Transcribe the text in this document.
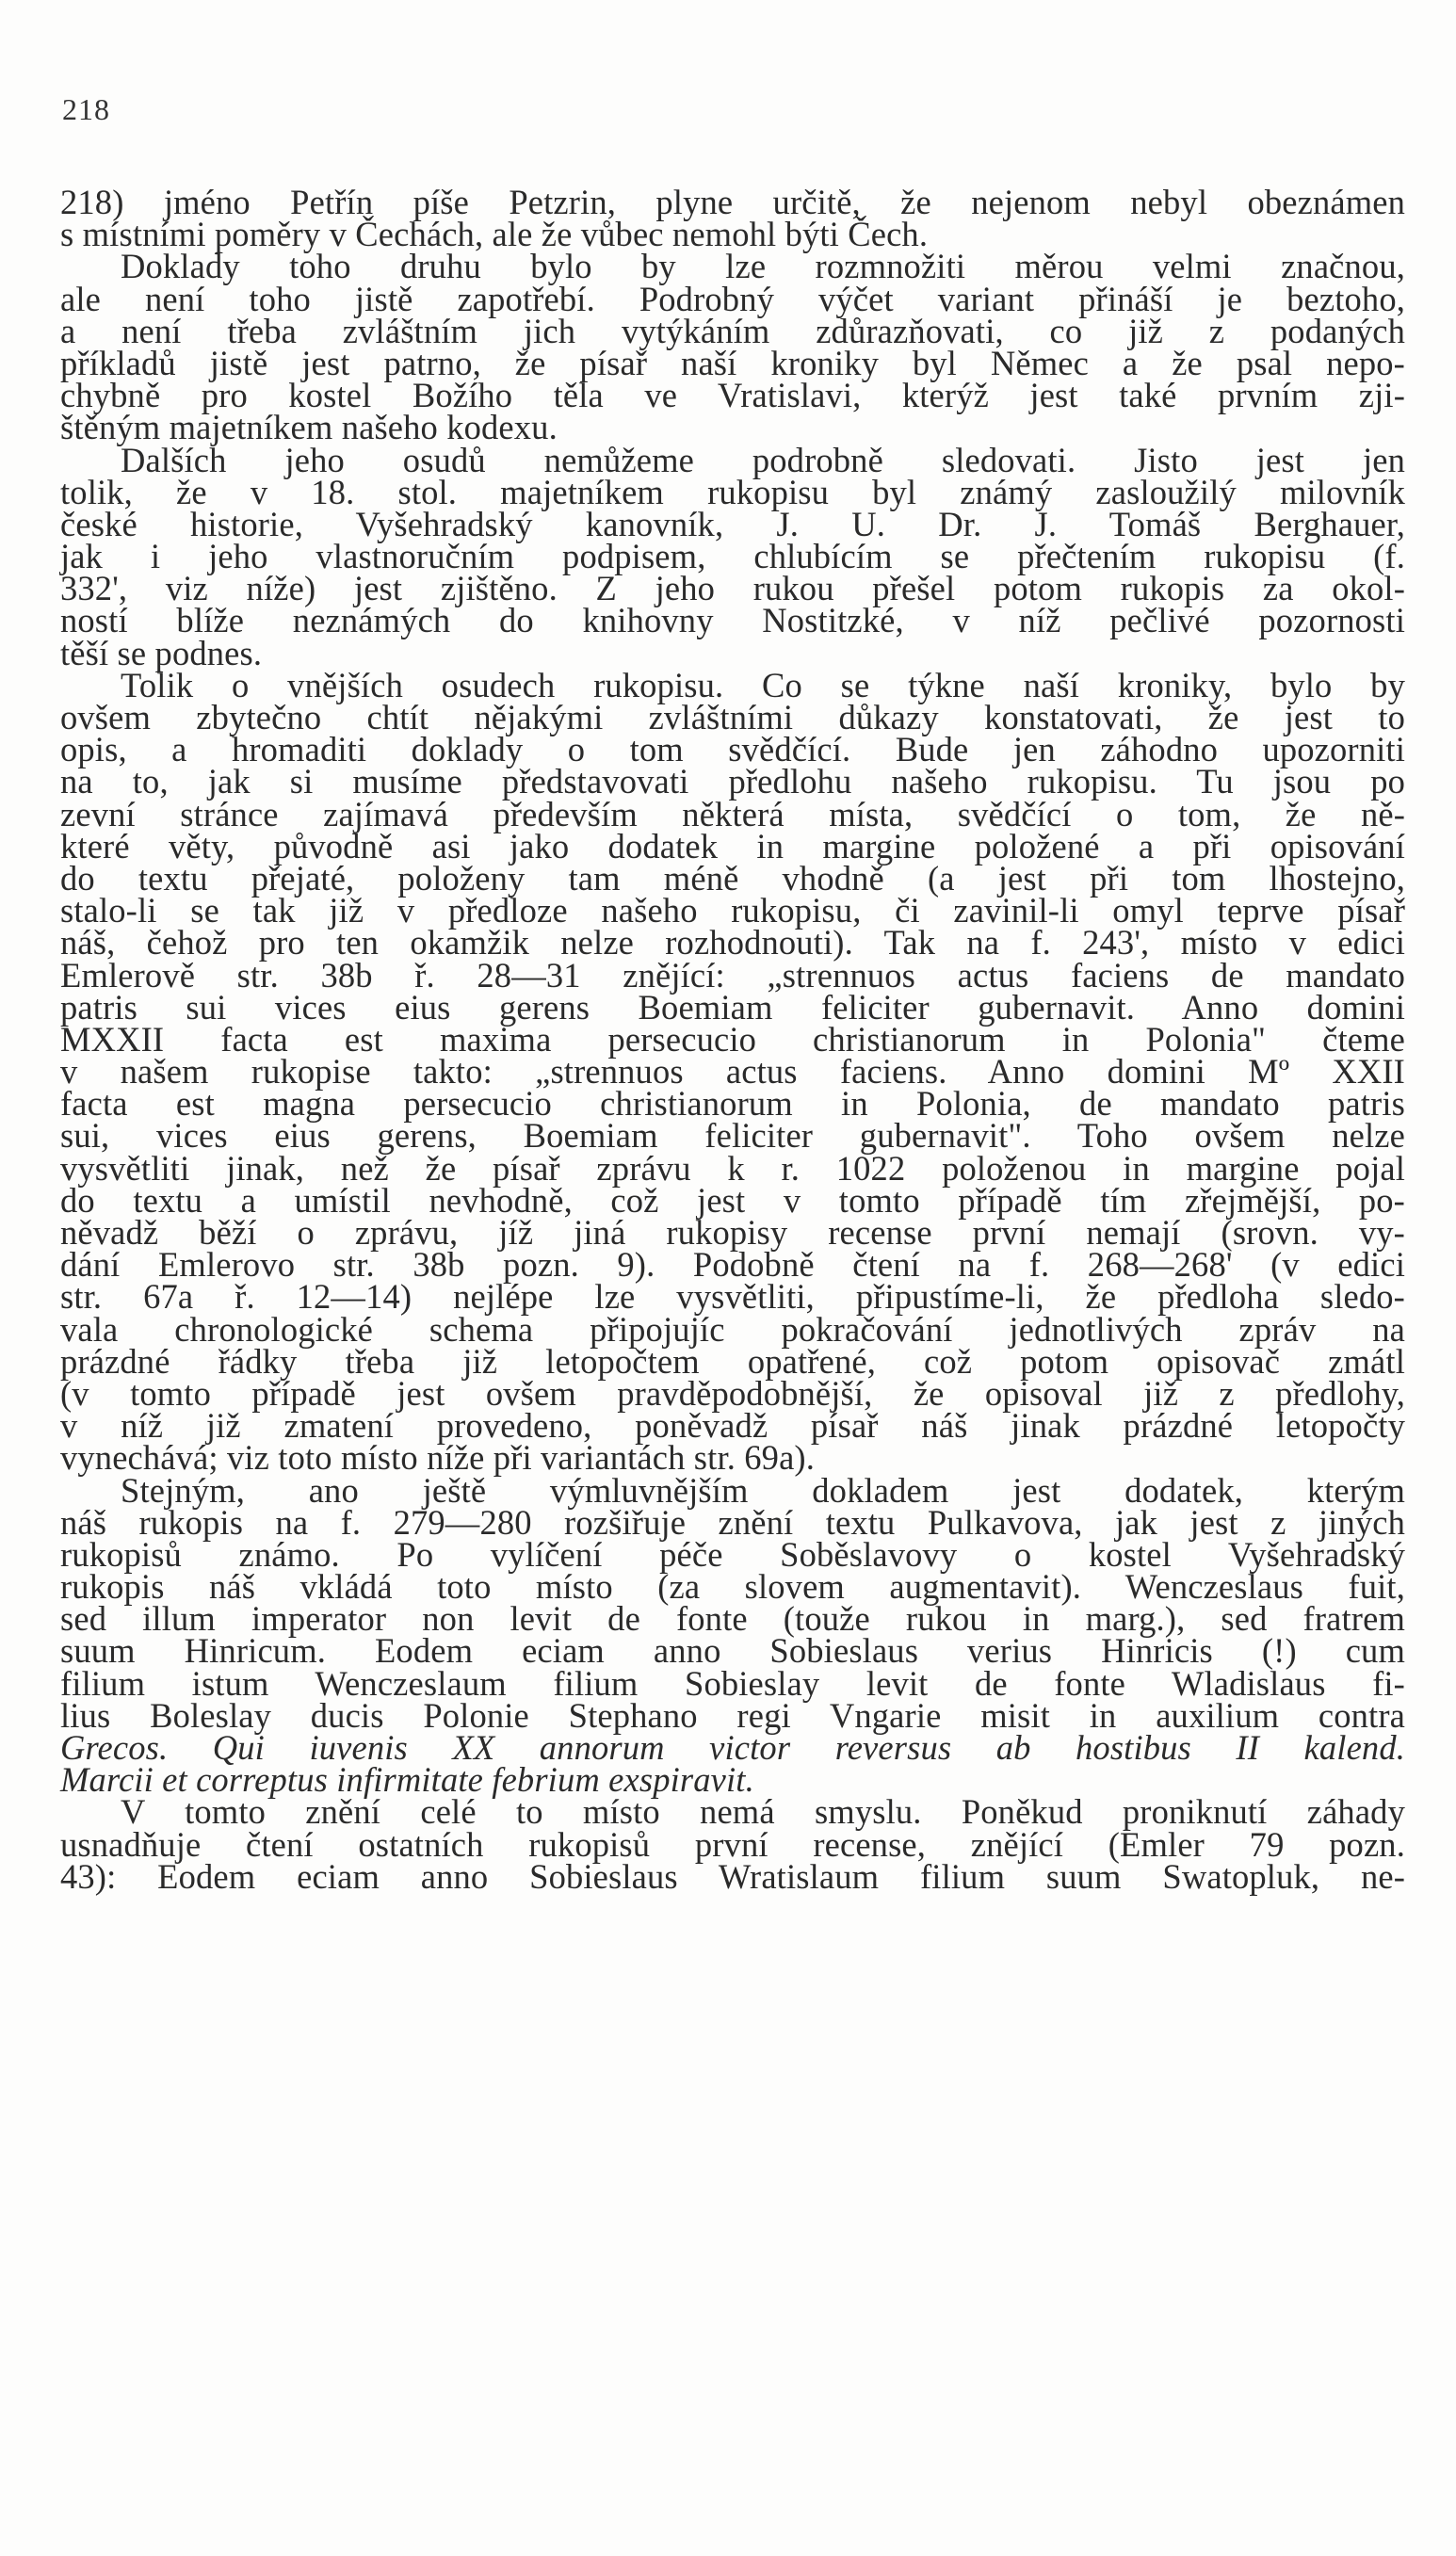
218
218) jméno Petřín píše Petzrin, plyne určitě, že nejenom nebyl obeznámen
s místními poměry v Čechách, ale že vůbec nemohl býti Čech.
Doklady toho druhu bylo by lze rozmnožiti měrou velmi značnou,
ale není toho jistě zapotřebí. Podrobný výčet variant přináší je beztoho,
a není třeba zvláštním jich vytýkáním zdůrazňovati, co již z podaných
příkladů jistě jest patrno, že písař naší kroniky byl Němec a že psal nepo-
chybně pro kostel Božího těla ve Vratislavi, kterýž jest také prvním zji-
štěným majetníkem našeho kodexu.
Dalších jeho osudů nemůžeme podrobně sledovati. Jisto jest jen
tolik, že v 18. stol. majetníkem rukopisu byl známý zasloužilý milovník
české historie, Vyšehradský kanovník, J. U. Dr. J. Tomáš Berghauer,
jak i jeho vlastnoručním podpisem, chlubícím se přečtením rukopisu (f.
332', viz níže) jest zjištěno. Z jeho rukou přešel potom rukopis za okol-
ností blíže neznámých do knihovny Nostitzké, v níž pečlivé pozornosti
těší se podnes.
Tolik o vnějších osudech rukopisu. Co se týkne naší kroniky, bylo by
ovšem zbytečno chtít nějakými zvláštními důkazy konstatovati, že jest to
opis, a hromaditi doklady o tom svědčící. Bude jen záhodno upozorniti
na to, jak si musíme představovati předlohu našeho rukopisu. Tu jsou po
zevní stránce zajímavá především některá místa, svědčící o tom, že ně-
které věty, původně asi jako dodatek in margine položené a při opisování
do textu přejaté, položeny tam méně vhodně (a jest při tom lhostejno,
stalo-li se tak již v předloze našeho rukopisu, či zavinil-li omyl teprve písař
náš, čehož pro ten okamžik nelze rozhodnouti). Tak na f. 243', místo v edici
Emlerově str. 38b ř. 28—31 znějící: „strennuos actus faciens de mandato
patris sui vices eius gerens Boemiam feliciter gubernavit. Anno domini
MXXII facta est maxima persecucio christianorum in Polonia" čteme
v našem rukopise takto: „strennuos actus faciens. Anno domini Mº XXII
facta est magna persecucio christianorum in Polonia, de mandato patris
sui, vices eius gerens, Boemiam feliciter gubernavit". Toho ovšem nelze
vysvětliti jinak, než že písař zprávu k r. 1022 položenou in margine pojal
do textu a umístil nevhodně, což jest v tomto případě tím zřejmější, po-
něvadž běží o zprávu, jíž jiná rukopisy recense první nemají (srovn. vy-
dání Emlerovo str. 38b pozn. 9). Podobně čtení na f. 268—268' (v edici
str. 67a ř. 12—14) nejlépe lze vysvětliti, připustíme-li, že předloha sledo-
vala chronologické schema připojujíc pokračování jednotlivých zpráv na
prázdné řádky třeba již letopočtem opatřené, což potom opisovač zmátl
(v tomto případě jest ovšem pravděpodobnější, že opisoval již z předlohy,
v níž již zmatení provedeno, poněvadž písař náš jinak prázdné letopočty
vynechává; viz toto místo níže při variantách str. 69a).
Stejným, ano ještě výmluvnějším dokladem jest dodatek, kterým
náš rukopis na f. 279—280 rozšiřuje znění textu Pulkavova, jak jest z jiných
rukopisů známo. Po vylíčení péče Soběslavovy o kostel Vyšehradský
rukopis náš vkládá toto místo (za slovem augmentavit). Wenczeslaus fuit,
sed illum imperator non levit de fonte (touže rukou in marg.), sed fratrem
suum Hinricum. Eodem eciam anno Sobieslaus verius Hinricis (!) cum
filium istum Wenczeslaum filium Sobieslay levit de fonte Wladislaus fi-
lius Boleslay ducis Polonie Stephano regi Vngarie misit in auxilium contra
Grecos. Qui iuvenis XX annorum victor reversus ab hostibus II kalend.
Marcii et correptus infirmitate febrium exspiravit.
V tomto znění celé to místo nemá smyslu. Poněkud proniknutí záhady
usnadňuje čtení ostatních rukopisů první recense, znějící (Emler 79 pozn.
43): Eodem eciam anno Sobieslaus Wratislaum filium suum Swatopluk, ne-
